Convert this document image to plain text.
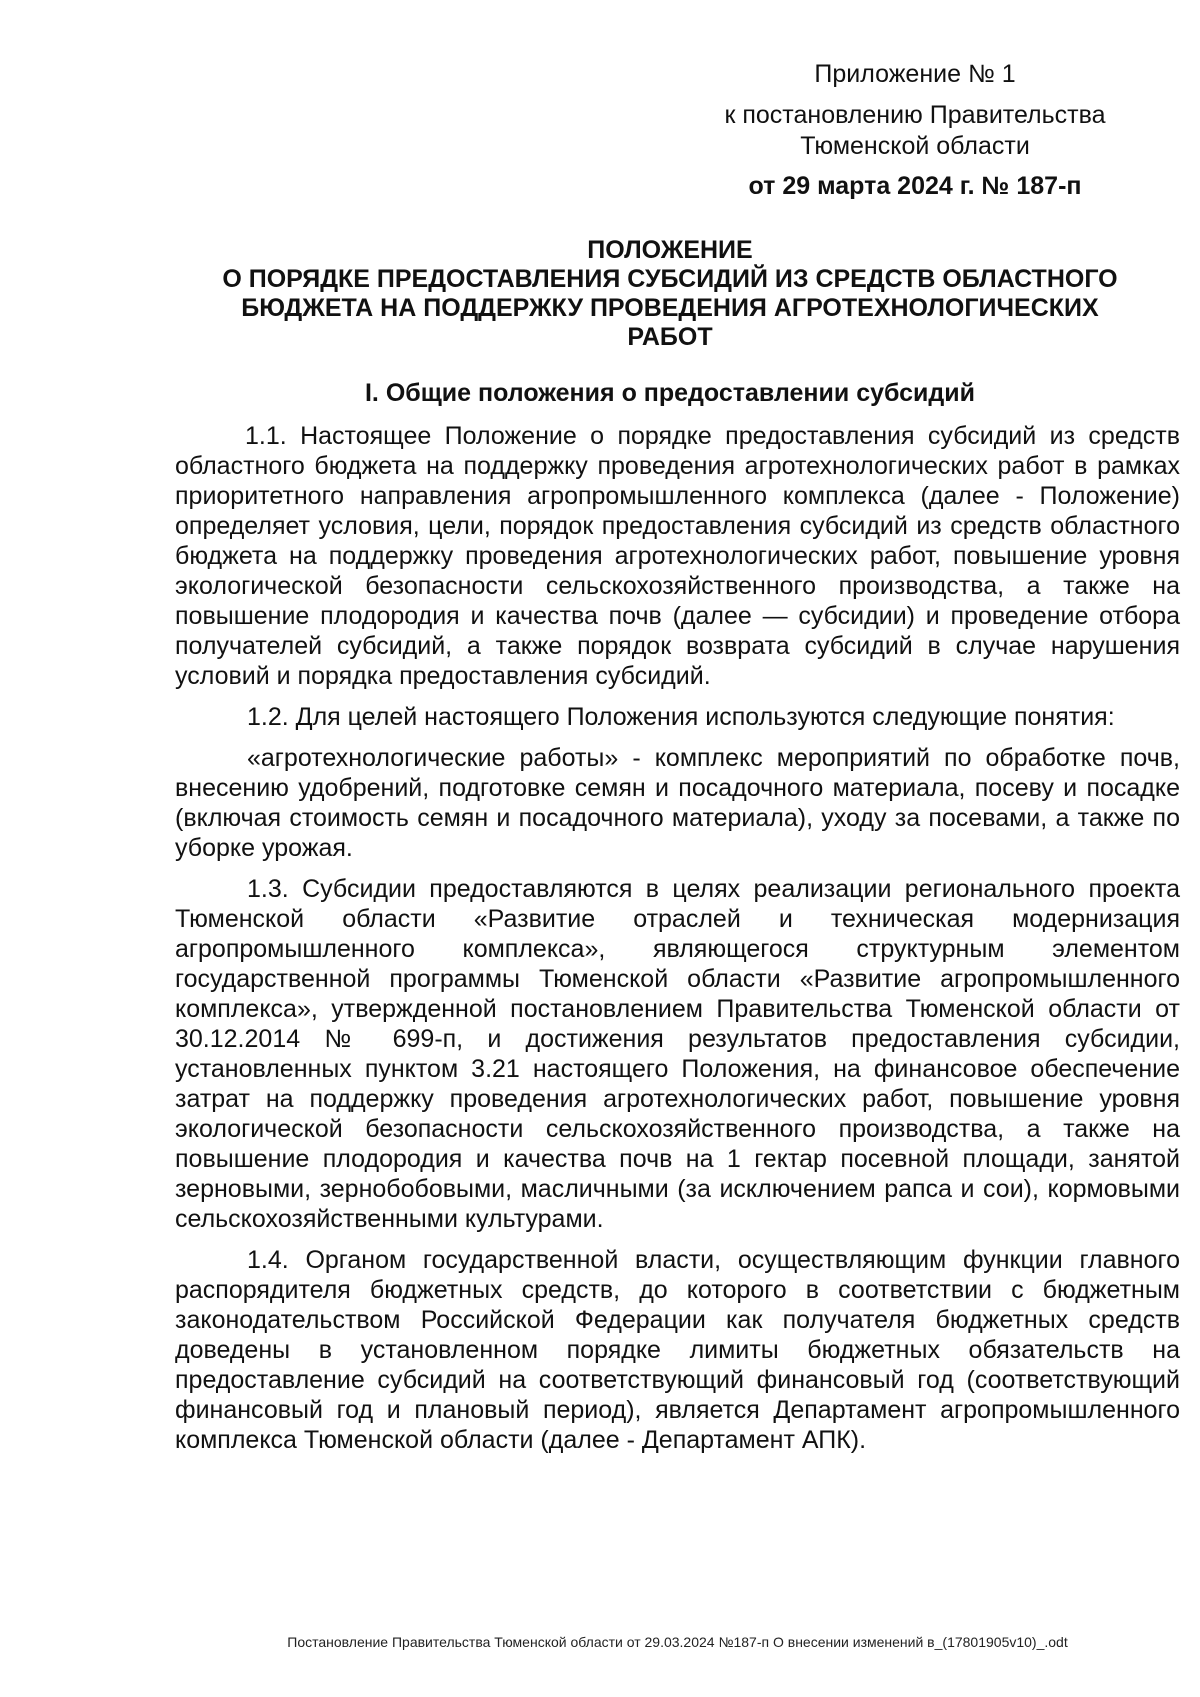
Приложение № 1
к постановлению Правительства
Тюменской области
от 29 марта 2024 г. № 187-п
ПОЛОЖЕНИЕ
О ПОРЯДКЕ ПРЕДОСТАВЛЕНИЯ СУБСИДИЙ ИЗ СРЕДСТВ ОБЛАСТНОГО
БЮДЖЕТА НА ПОДДЕРЖКУ ПРОВЕДЕНИЯ АГРОТЕХНОЛОГИЧЕСКИХ
РАБОТ
I. Общие положения о предоставлении субсидий

1.1. Настоящее Положение о порядке предоставления субсидий из средств областного бюджета на поддержку проведения агротехнологических работ в рамках приоритетного направления агропромышленного комплекса (далее - Положение) определяет условия, цели, порядок предоставления субсидий из средств областного бюджета на поддержку проведения агротехнологических работ, повышение уровня экологической безопасности сельскохозяйственного производства, а также на повышение плодородия и качества почв (далее — субсидии) и проведение отбора получателей субсидий, а также порядок возврата субсидий в случае нарушения условий и порядка предоставления субсидий.

1.2. Для целей настоящего Положения используются следующие понятия:

«агротехнологические работы» - комплекс мероприятий по обработке почв, внесению удобрений, подготовке семян и посадочного материала, посеву и посадке (включая стоимость семян и посадочного материала), уходу за посевами, а также по уборке урожая.

1.3. Субсидии предоставляются в целях реализации регионального проекта Тюменской области «Развитие отраслей и техническая модернизация агропромышленного комплекса», являющегося структурным элементом государственной программы Тюменской области «Развитие агропромышленного комплекса», утвержденной постановлением Правительства Тюменской области от 30.12.2014 № 699-п, и достижения результатов предоставления субсидии, установленных пунктом 3.21 настоящего Положения, на финансовое обеспечение затрат на поддержку проведения агротехнологических работ, повышение уровня экологической безопасности сельскохозяйственного производства, а также на повышение плодородия и качества почв на 1 гектар посевной площади, занятой зерновыми, зернобобовыми, масличными (за исключением рапса и сои), кормовыми сельскохозяйственными культурами.

1.4. Органом государственной власти, осуществляющим функции главного распорядителя бюджетных средств, до которого в соответствии с бюджетным законодательством Российской Федерации как получателя бюджетных средств доведены в установленном порядке лимиты бюджетных обязательств на предоставление субсидий на соответствующий финансовый год (соответствующий финансовый год и плановый период), является Департамент агропромышленного комплекса Тюменской области (далее - Департамент АПК).

Постановление Правительства Тюменской области от 29.03.2024 №187-п О внесении изменений в_(17801905v10)_.odt
